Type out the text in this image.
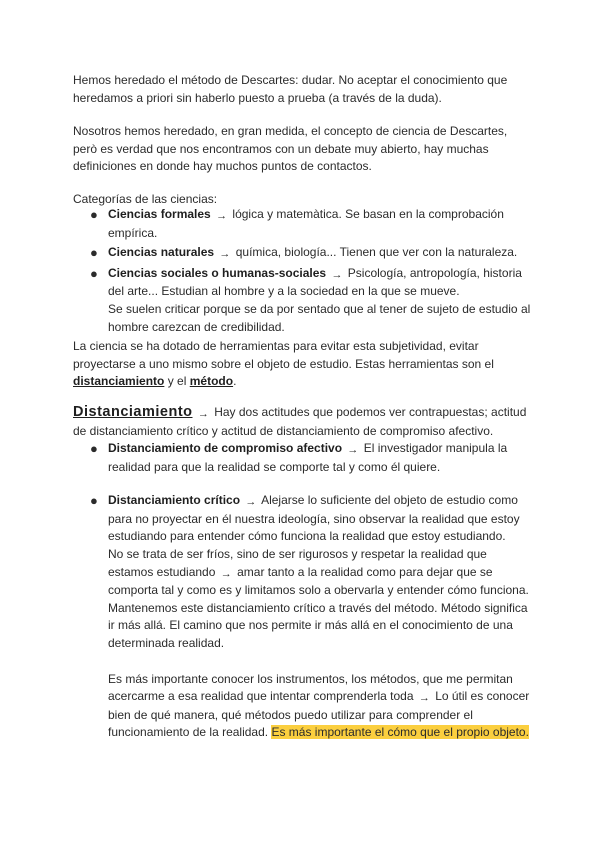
Hemos heredado el método de Descartes: dudar. No aceptar el conocimiento que heredamos a priori sin haberlo puesto a prueba (a través de la duda).

Nosotros hemos heredado, en gran medida, el concepto de ciencia de Descartes, però es verdad que nos encontramos con un debate muy abierto, hay muchas definiciones en donde hay muchos puntos de contactos.

Categorías de las ciencias:

● Ciencias formales → lógica y matemàtica. Se basan en la comprobación empírica.
● Ciencias naturales → química, biología... Tienen que ver con la naturaleza.
● Ciencias sociales o humanas-sociales → Psicología, antropología, historia del arte... Estudian al hombre y a la sociedad en la que se mueve.
Se suelen criticar porque se da por sentado que al tener de sujeto de estudio al hombre carezcan de credibilidad.

La ciencia se ha dotado de herramientas para evitar esta subjetividad, evitar proyectarse a uno mismo sobre el objeto de estudio. Estas herramientas son el distanciamiento y el método.

Distanciamiento → Hay dos actitudes que podemos ver contrapuestas; actitud de distanciamiento crítico y actitud de distanciamiento de compromiso afectivo.

● Distanciamiento de compromiso afectivo → El investigador manipula la realidad para que la realidad se comporte tal y como él quiere.
● Distanciamiento crítico → Alejarse lo suficiente del objeto de estudio como para no proyectar en él nuestra ideología, sino observar la realidad que estoy estudiando para entender cómo funciona la realidad que estoy estudiando.
No se trata de ser fríos, sino de ser rigurosos y respetar la realidad que estamos estudiando → amar tanto a la realidad como para dejar que se comporta tal y como es y limitamos solo a obervarla y entender cómo funciona.
Mantenemos este distanciamiento crítico a través del método. Método significa ir más allá. El camino que nos permite ir más allá en el conocimiento de una determinada realidad.
Es más importante conocer los instrumentos, los métodos, que me permitan acercarme a esa realidad que intentar comprenderla toda → Lo útil es conocer bien de qué manera, qué métodos puedo utilizar para comprender el funcionamiento de la realidad. Es más importante el cómo que el propio objeto.
